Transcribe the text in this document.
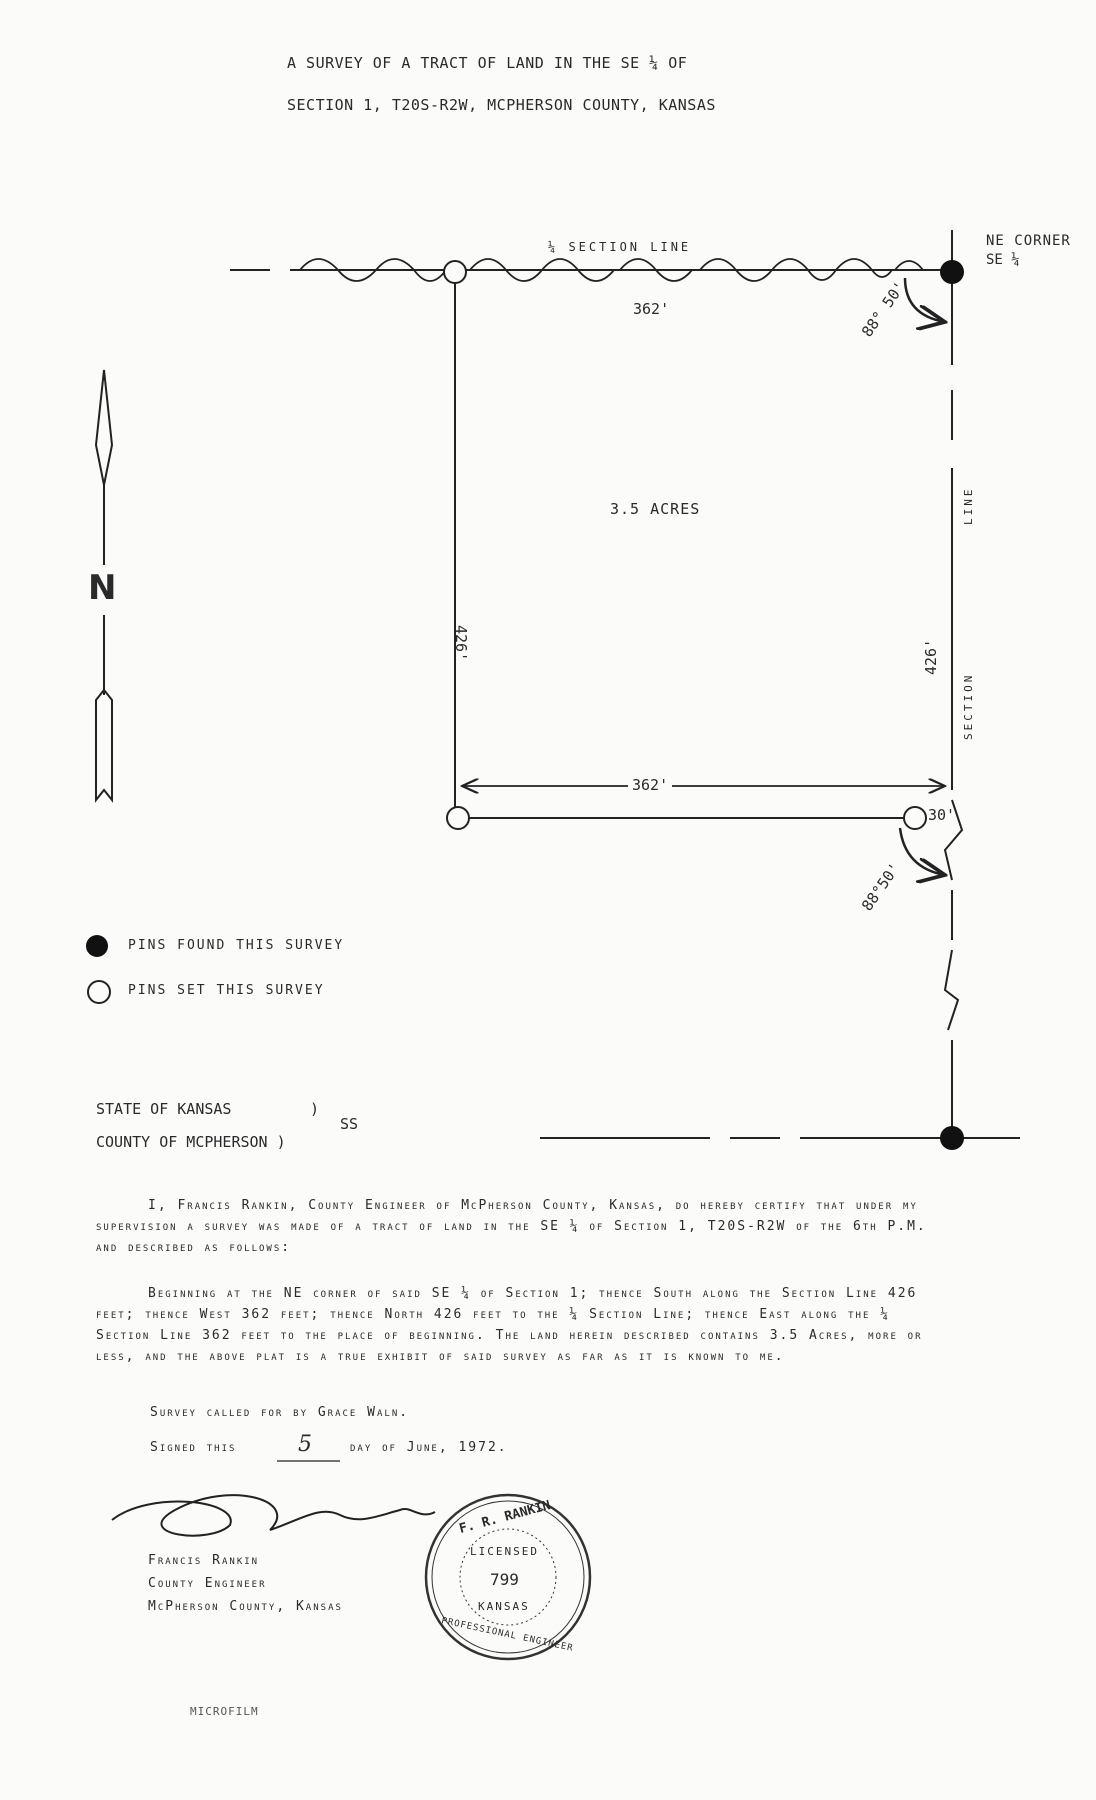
A SURVEY OF A TRACT OF LAND IN THE SE ¼ OF
SECTION 1, T20S-R2W, MCPHERSON COUNTY, KANSAS
¼ SECTION LINE
362'
NE CORNER
SE ¼
88° 50'
3.5 ACRES
426'	426'
LINE
SECTION
362'
30'
88°50'
N
PINS FOUND THIS SURVEY
PINS SET THIS SURVEY
STATE OF KANSAS	)
SS
COUNTY OF MCPHERSON )
I, Francis Rankin, County Engineer of McPherson County, Kansas, do hereby certify that under my supervision a survey was made of a tract of land in the SE ¼ of Section 1, T20S-R2W of the 6th P.M. and described as follows:
Beginning at the NE corner of said SE ¼ of Section 1; thence South along the Section Line 426 feet; thence West 362 feet; thence North 426 feet to the ¼ Section Line; thence East along the ¼ Section Line 362 feet to the place of beginning. The land herein described contains 3.5 Acres, more or less, and the above plat is a true exhibit of said survey as far as it is known to me.
Survey called for by Grace Waln.
Signed this	5	day of June, 1972.
Francis Rankin
County Engineer
McPherson County, Kansas
F. R. RANKIN
LICENSED
799
KANSAS
PROFESSIONAL ENGINEER
MICROFILM
